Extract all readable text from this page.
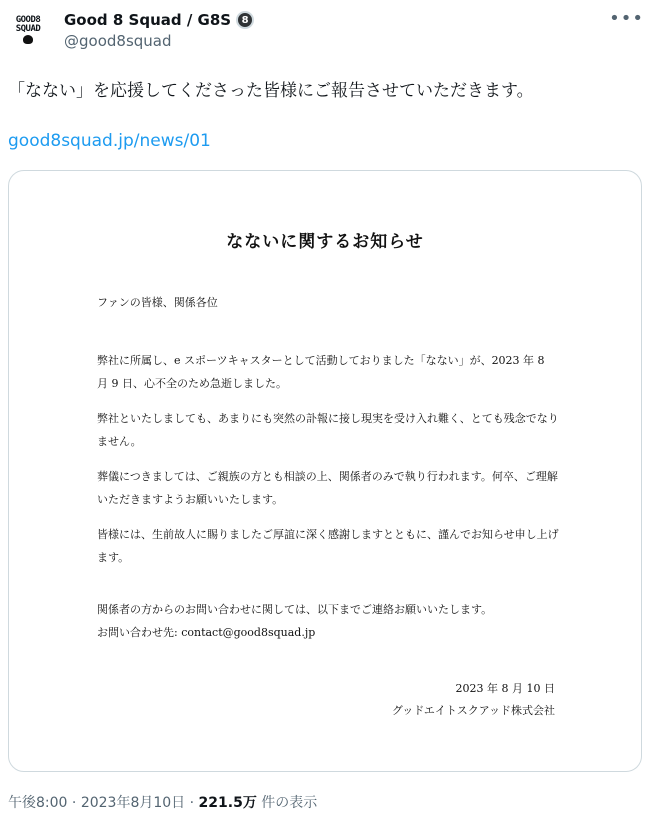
GOOD8
SQUAD Good 8 Squad / G8S	8
@good8squad
•••
「なない」を応援してくださった皆様にご報告させていただきます。
good8squad.jp/news/01
なないに関するお知らせ
ファンの皆様、関係各位
弊社に所属し、e スポーツキャスターとして活動しておりました「なない」が、2023 年 8 月 9 日、心不全のため急逝しました。
弊社といたしましても、あまりにも突然の訃報に接し現実を受け入れ難く、とても残念でなりません。
葬儀につきましては、ご親族の方とも相談の上、関係者のみで執り行われます。何卒、ご理解いただきますようお願いいたします。
皆様には、生前故人に賜りましたご厚誼に深く感謝しますとともに、謹んでお知らせ申し上げます。
関係者の方からのお問い合わせに関しては、以下までご連絡お願いいたします。
お問い合わせ先: contact@good8squad.jp
2023 年 8 月 10 日
グッドエイトスクアッド株式会社
午後8:00 · 2023年8月10日 · 221.5万 件の表示
